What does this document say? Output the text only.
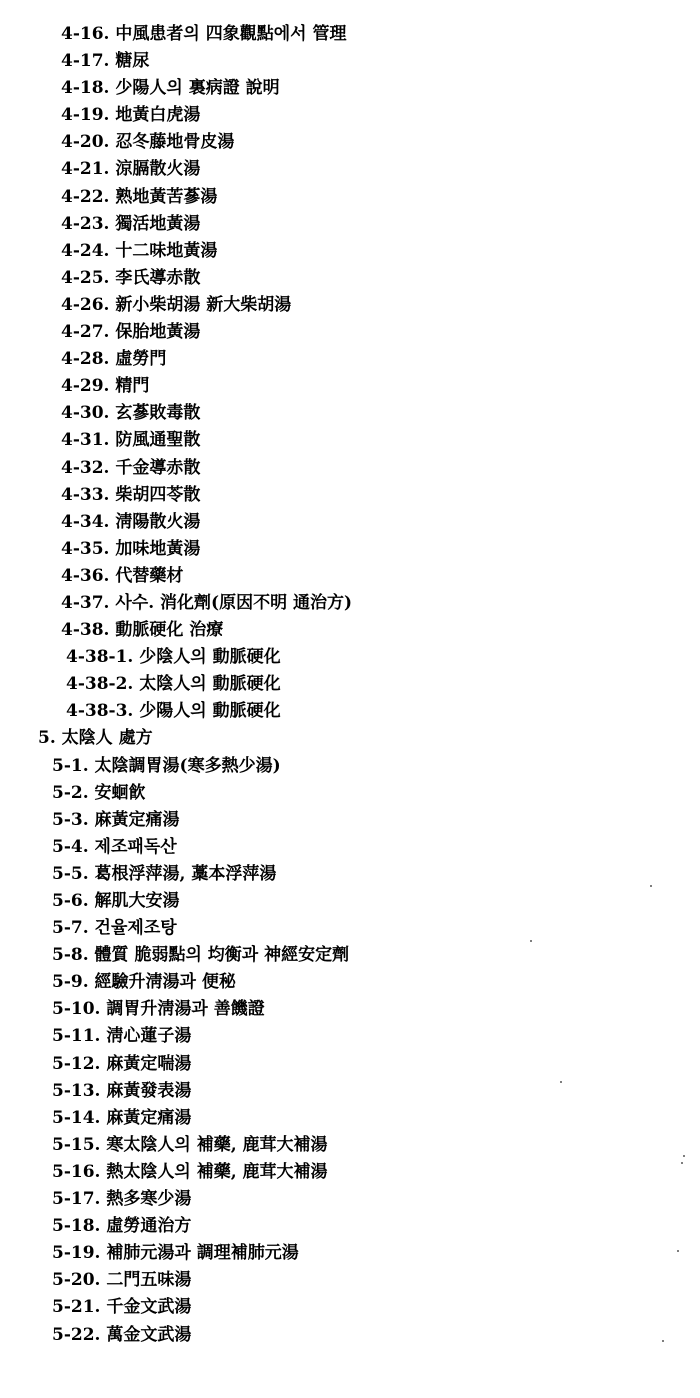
4-16. 中風患者의 四象觀點에서 管理
4-17. 糖尿
4-18. 少陽人의 裏病證 說明
4-19. 地黃白虎湯
4-20. 忍冬藤地骨皮湯
4-21. 涼膈散火湯
4-22. 熟地黃苦蔘湯
4-23. 獨活地黃湯
4-24. 十二味地黃湯
4-25. 李氏導赤散
4-26. 新小柴胡湯 新大柴胡湯
4-27. 保胎地黃湯
4-28. 虛勞門
4-29. 精門
4-30. 玄蔘敗毒散
4-31. 防風通聖散
4-32. 千金導赤散
4-33. 柴胡四苓散
4-34. 淸陽散火湯
4-35. 加味地黃湯
4-36. 代替藥材
4-37. 사수. 消化劑(原因不明 通治方)
4-38. 動脈硬化 治療
4-38-1. 少陰人의 動脈硬化
4-38-2. 太陰人의 動脈硬化
4-38-3. 少陽人의 動脈硬化
5. 太陰人 處方
5-1. 太陰調胃湯(寒多熱少湯)
5-2. 安蛔飮
5-3. 麻黃定痛湯
5-4. 제조패독산
5-5. 葛根浮萍湯, 藁本浮萍湯
5-6. 解肌大安湯
5-7. 건율제조탕
5-8. 體質 脆弱點의 均衡과 神經安定劑
5-9. 經驗升淸湯과 便秘
5-10. 調胃升淸湯과 善饑證
5-11. 淸心蓮子湯
5-12. 麻黃定喘湯
5-13. 麻黃發表湯
5-14. 麻黃定痛湯
5-15. 寒太陰人의 補藥, 鹿茸大補湯
5-16. 熱太陰人의 補藥, 鹿茸大補湯
5-17. 熱多寒少湯
5-18. 虛勞通治方
5-19. 補肺元湯과 調理補肺元湯
5-20. 二門五味湯
5-21. 千金文武湯
5-22. 萬金文武湯
